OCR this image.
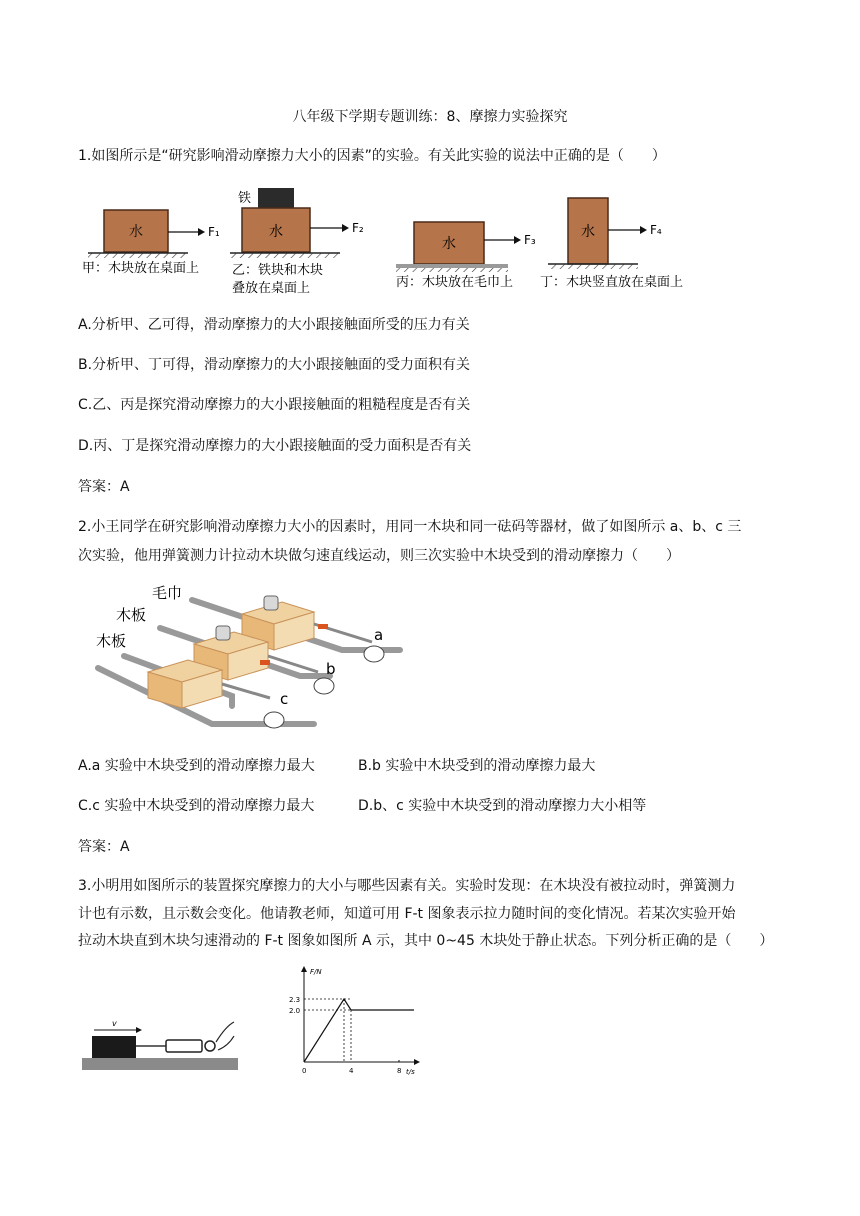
八年级下学期专题训练：8、摩擦力实验探究
1.如图所示是“研究影响滑动摩擦力大小的因素”的实验。有关此实验的说法中正确的是（　　）
水	F₁
甲：木块放在桌面上
铁
水	F₂
乙：铁块和木块
叠放在桌面上
水	F₃
丙：木块放在毛巾上
水	F₄
丁：木块竖直放在桌面上
A.分析甲、乙可得，滑动摩擦力的大小跟接触面所受的压力有关
B.分析甲、丁可得，滑动摩擦力的大小跟接触面的受力面积有关
C.乙、丙是探究滑动摩擦力的大小跟接触面的粗糙程度是否有关
D.丙、丁是探究滑动摩擦力的大小跟接触面的受力面积是否有关
答案：A
2.小王同学在研究影响滑动摩擦力大小的因素时，用同一木块和同一砝码等器材，做了如图所示 a、b、c 三
次实验，他用弹簧测力计拉动木块做匀速直线运动，则三次实验中木块受到的滑动摩擦力（　　）
毛巾
木板
木板	a
b
c
A.a 实验中木块受到的滑动摩擦力最大	B.b 实验中木块受到的滑动摩擦力最大
C.c 实验中木块受到的滑动摩擦力最大	D.b、c 实验中木块受到的滑动摩擦力大小相等
答案：A
3.小明用如图所示的装置探究摩擦力的大小与哪些因素有关。实验时发现：在木块没有被拉动时，弹簧测力
计也有示数，且示数会变化。他请教老师，知道可用 F-t 图象表示拉力随时间的变化情况。若某次实验开始
拉动木块直到木块匀速滑动的 F-t 图象如图所 A 示，其中 0~45 木块处于静止状态。下列分析正确的是（　　）
v
F/N
t/s
2.3
2.0
0	4	8
